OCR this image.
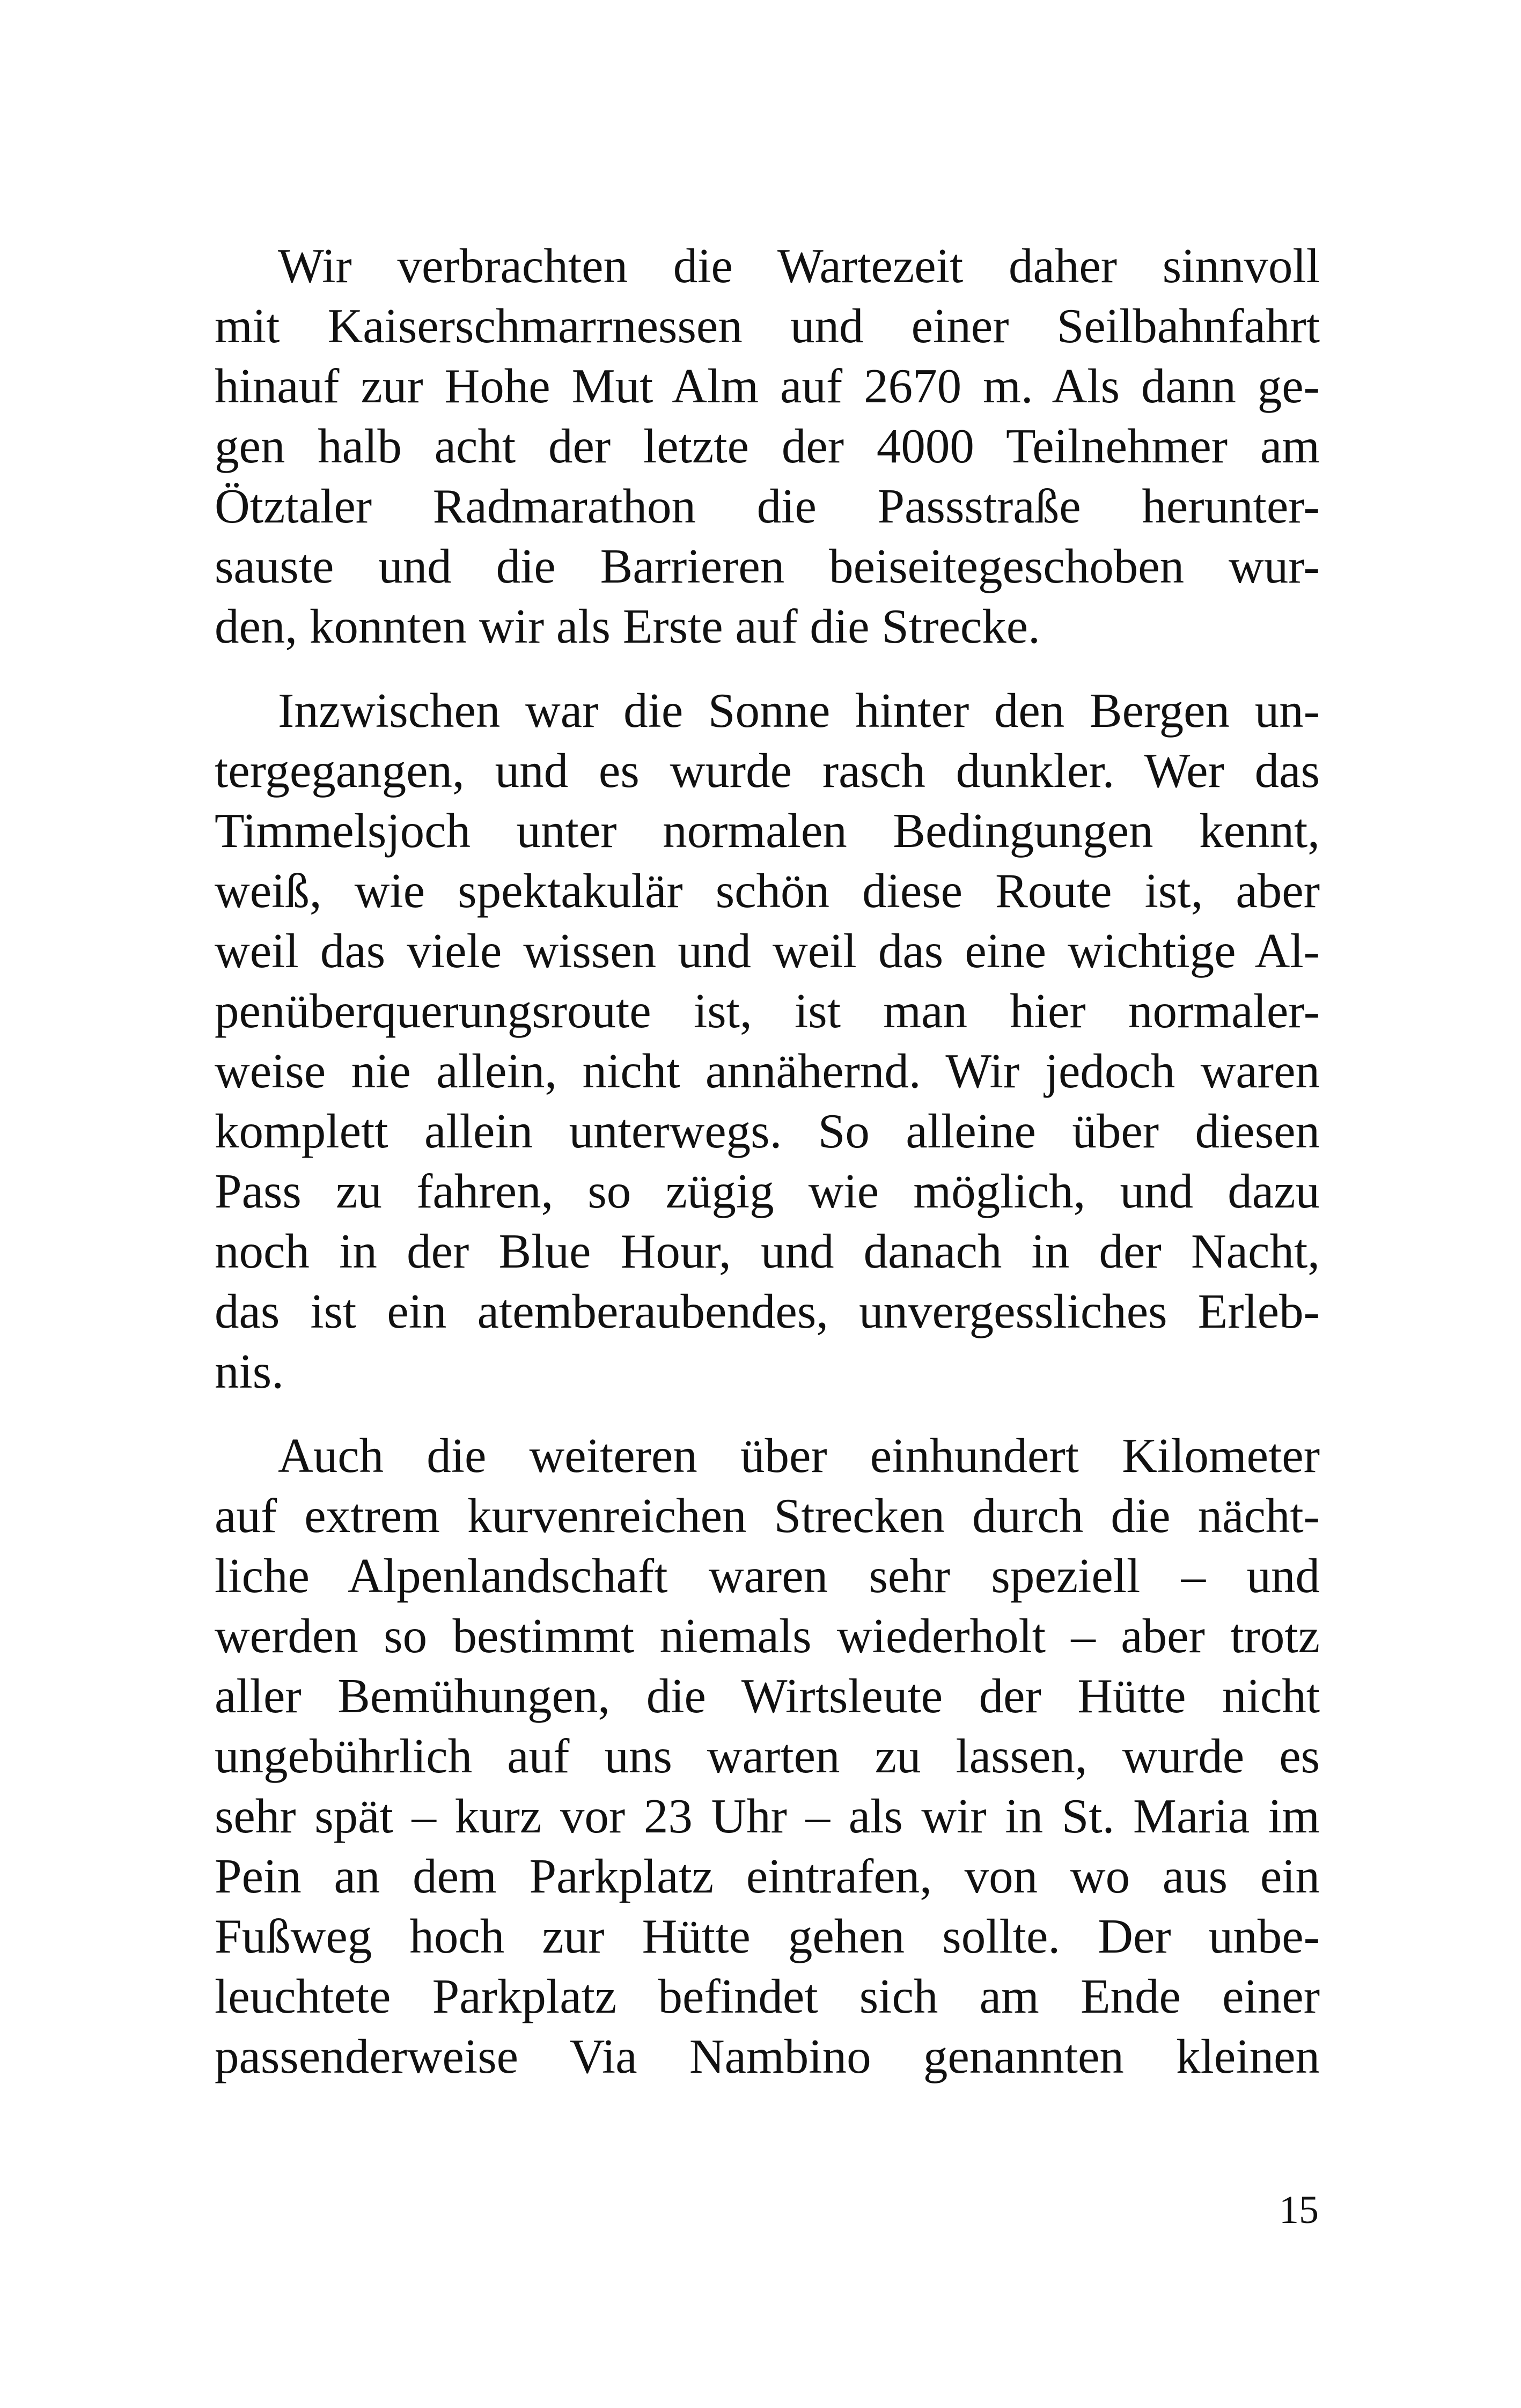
Wir verbrachten die Wartezeit daher sinnvoll
mit Kaiserschmarrnessen und einer Seilbahnfahrt
hinauf zur Hohe Mut Alm auf 2670 m. Als dann ge-
gen halb acht der letzte der 4000 Teilnehmer am
Ötztaler Radmarathon die Passstraße herunter-
sauste und die Barrieren beiseitegeschoben wur-
den, konnten wir als Erste auf die Strecke.
Inzwischen war die Sonne hinter den Bergen un-
tergegangen, und es wurde rasch dunkler. Wer das
Timmelsjoch unter normalen Bedingungen kennt,
weiß, wie spektakulär schön diese Route ist, aber
weil das viele wissen und weil das eine wichtige Al-
penüberquerungsroute ist, ist man hier normaler-
weise nie allein, nicht annähernd. Wir jedoch waren
komplett allein unterwegs. So alleine über diesen
Pass zu fahren, so zügig wie möglich, und dazu
noch in der Blue Hour, und danach in der Nacht,
das ist ein atemberaubendes, unvergessliches Erleb-
nis.
Auch die weiteren über einhundert Kilometer
auf extrem kurvenreichen Strecken durch die nächt-
liche Alpenlandschaft waren sehr speziell – und
werden so bestimmt niemals wiederholt – aber trotz
aller Bemühungen, die Wirtsleute der Hütte nicht
ungebührlich auf uns warten zu lassen, wurde es
sehr spät – kurz vor 23 Uhr – als wir in St. Maria im
Pein an dem Parkplatz eintrafen, von wo aus ein
Fußweg hoch zur Hütte gehen sollte. Der unbe-
leuchtete Parkplatz befindet sich am Ende einer
passenderweise Via Nambino genannten kleinen
15
